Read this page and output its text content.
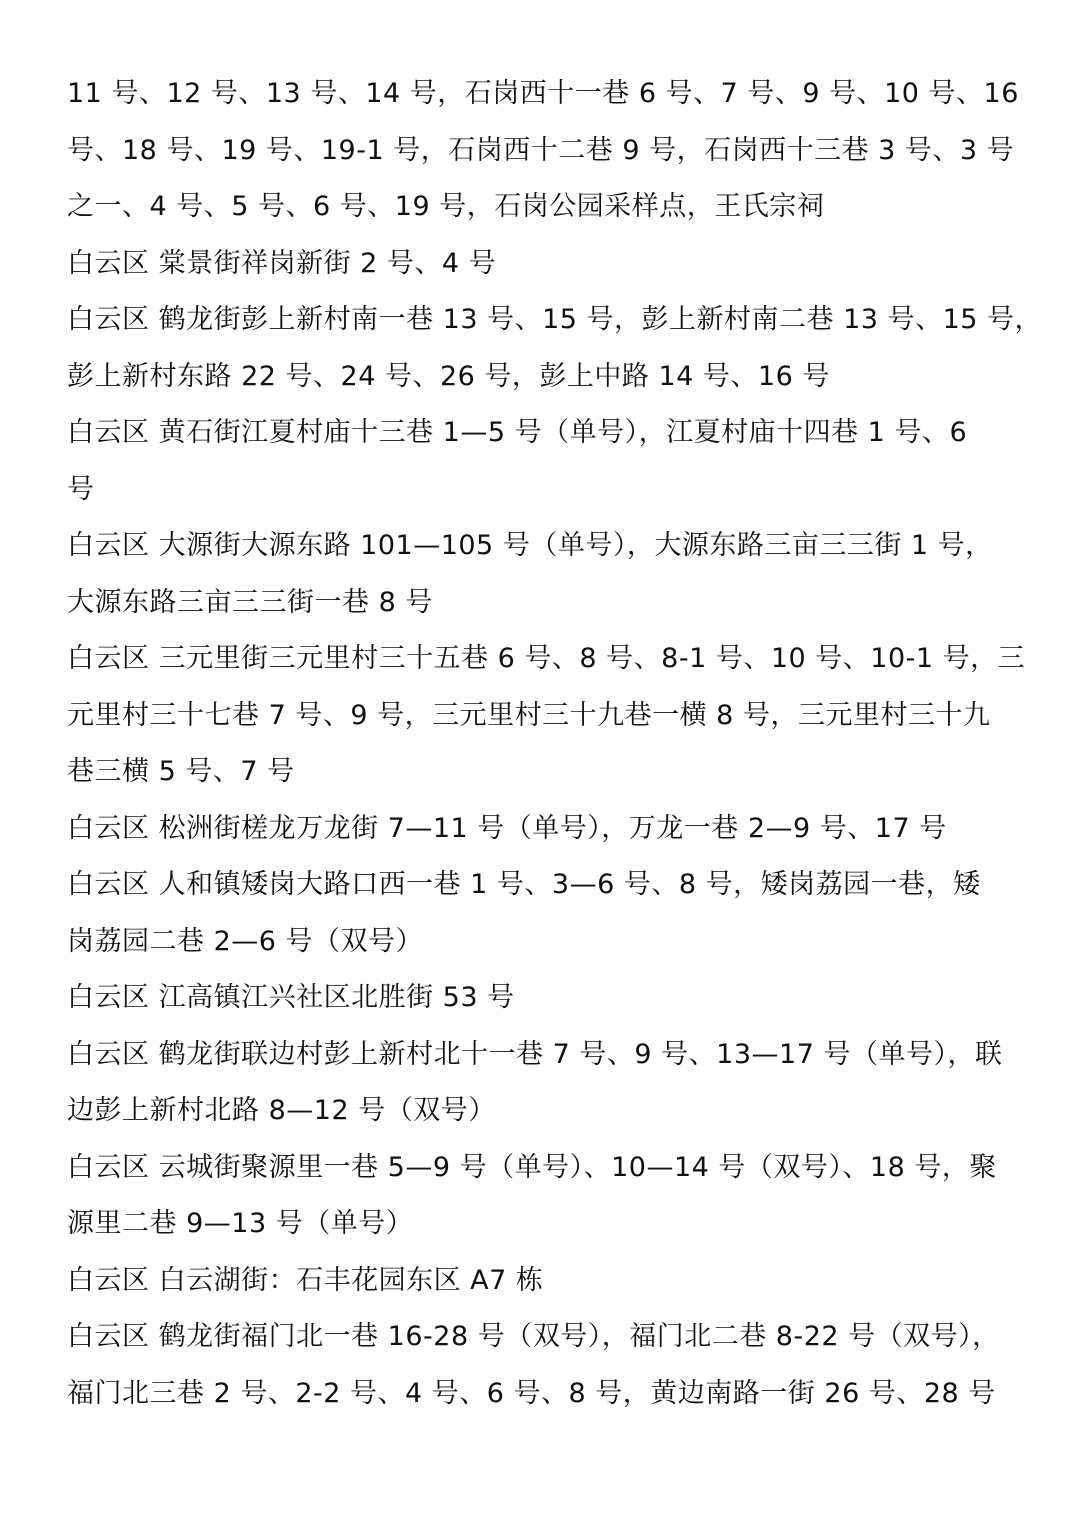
11 号、12 号、13 号、14 号，石岗西十一巷 6 号、7 号、9 号、10 号、16
号、18 号、19 号、19-1 号，石岗西十二巷 9 号，石岗西十三巷 3 号、3 号
之一、4 号、5 号、6 号、19 号，石岗公园采样点，王氏宗祠
白云区 棠景街祥岗新街 2 号、4 号
白云区 鹤龙街彭上新村南一巷 13 号、15 号，彭上新村南二巷 13 号、15 号，
彭上新村东路 22 号、24 号、26 号，彭上中路 14 号、16 号
白云区 黄石街江夏村庙十三巷 1—5 号（单号），江夏村庙十四巷 1 号、6
号
白云区 大源街大源东路 101—105 号（单号），大源东路三亩三三街 1 号，
大源东路三亩三三街一巷 8 号
白云区 三元里街三元里村三十五巷 6 号、8 号、8-1 号、10 号、10-1 号，三
元里村三十七巷 7 号、9 号，三元里村三十九巷一横 8 号，三元里村三十九
巷三横 5 号、7 号
白云区 松洲街槎龙万龙街 7—11 号（单号），万龙一巷 2—9 号、17 号
白云区 人和镇矮岗大路口西一巷 1 号、3—6 号、8 号，矮岗荔园一巷，矮
岗荔园二巷 2—6 号（双号）
白云区 江高镇江兴社区北胜街 53 号
白云区 鹤龙街联边村彭上新村北十一巷 7 号、9 号、13—17 号（单号），联
边彭上新村北路 8—12 号（双号）
白云区 云城街聚源里一巷 5—9 号（单号）、10—14 号（双号）、18 号，聚
源里二巷 9—13 号（单号）
白云区 白云湖街：石丰花园东区 A7 栋
白云区 鹤龙街福门北一巷 16-28 号（双号），福门北二巷 8-22 号（双号），
福门北三巷 2 号、2-2 号、4 号、6 号、8 号，黄边南路一街 26 号、28 号
